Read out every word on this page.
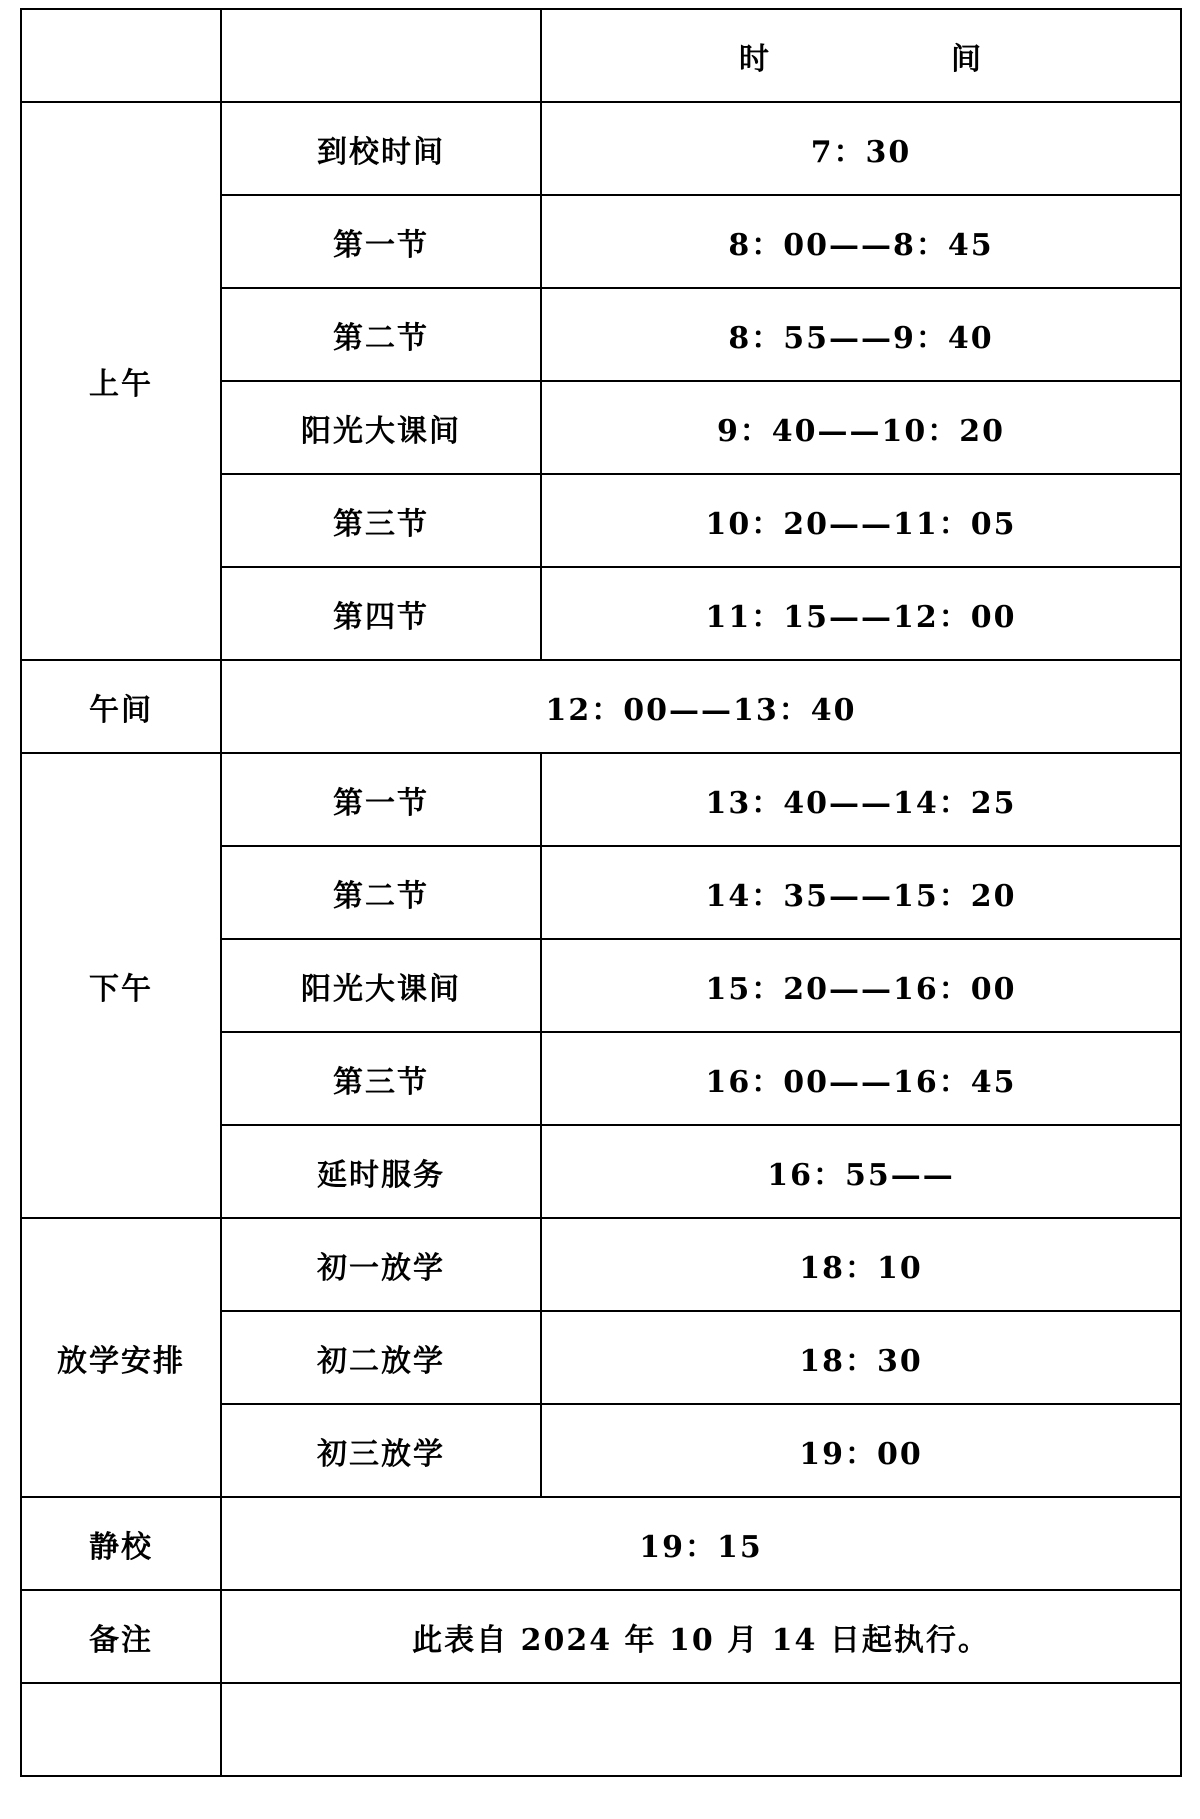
		时 间
上午	到校时间	7：30
	第一节	8：00——8：45
	第二节	8：55——9：40
	阳光大课间	9：40——10：20
	第三节	10：20——11：05
	第四节	11：15——12：00
午间	12：00——13：40	
下午	第一节	13：40——14：25
	第二节	14：35——15：20
	阳光大课间	15：20——16：00
	第三节	16：00——16：45
	延时服务	16：55——
放学安排	初一放学	18：10
	初二放学	18：30
	初三放学	19：00
静校	19：15	
备注	此表自 2024 年 10 月 14 日起执行。	
